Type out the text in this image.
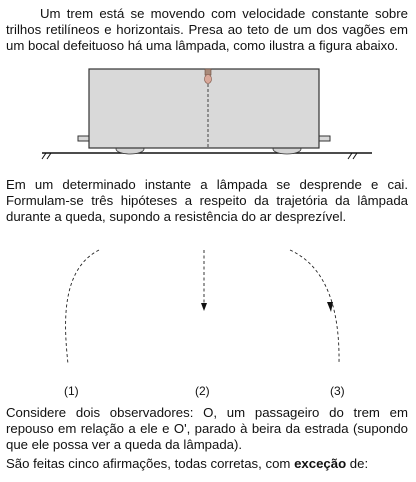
Um trem está se movendo com velocidade constante sobre trilhos retilíneos e horizontais. Presa ao teto de um dos vagões em um bocal defeituoso há uma lâmpada, como ilustra a figura abaixo.

Em um determinado instante a lâmpada se desprende e cai. Formulam-se três hipóteses a respeito da trajetória da lâmpada durante a queda, supondo a resistência do ar desprezível.

(1)	(2)	(3)

Considere dois observadores: O, um passageiro do trem em repouso em relação a ele e O', parado à beira da estrada (supondo que ele possa ver a queda da lâmpada).

São feitas cinco afirmações, todas corretas, com exceção de:
